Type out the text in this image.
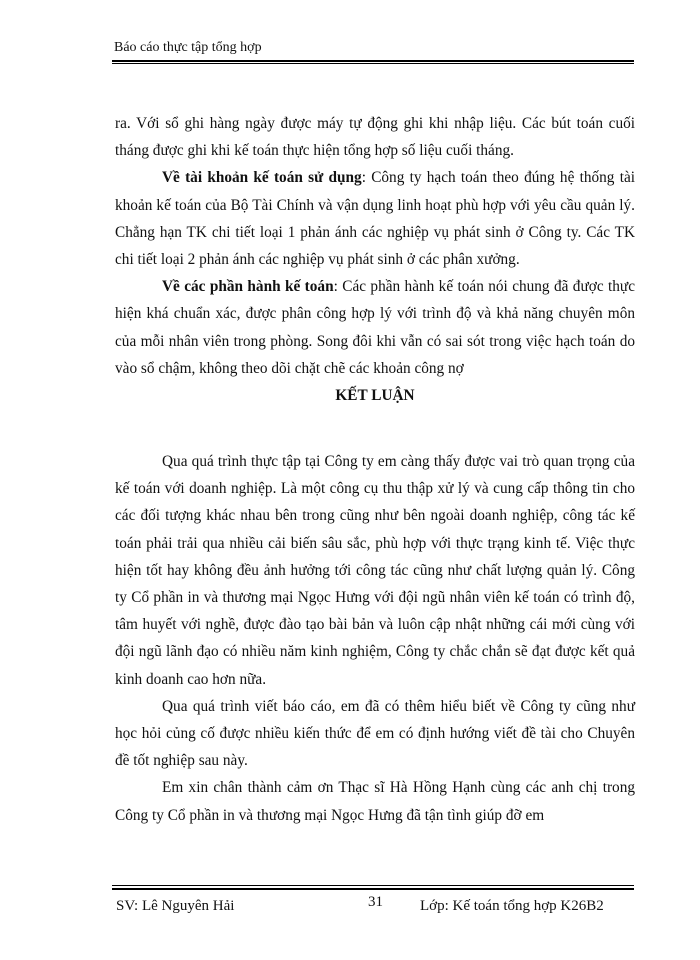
Báo cáo thực tập tổng hợp

ra. Với sổ ghi hàng ngày được máy tự động ghi khi nhập liệu. Các bút toán cuối tháng được ghi khi kế toán thực hiện tổng hợp số liệu cuối tháng.

Về tài khoản kế toán sử dụng: Công ty hạch toán theo đúng hệ thống tài khoản kế toán của Bộ Tài Chính và vận dụng linh hoạt phù hợp với yêu cầu quản lý. Chẳng hạn TK chi tiết loại 1 phản ánh các nghiệp vụ phát sinh ở Công ty. Các TK chi tiết loại 2 phản ánh các nghiệp vụ phát sinh ở các phân xưởng.

Về các phần hành kế toán: Các phần hành kế toán nói chung đã được thực hiện khá chuẩn xác, được phân công hợp lý với trình độ và khả năng chuyên môn của mỗi nhân viên trong phòng. Song đôi khi vẫn có sai sót trong việc hạch toán do vào sổ chậm, không theo dõi chặt chẽ các khoản công nợ

KẾT LUẬN

Qua quá trình thực tập tại Công ty em càng thấy được vai trò quan trọng của kế toán với doanh nghiệp. Là một công cụ thu thập xử lý và cung cấp thông tin cho các đối tượng khác nhau bên trong cũng như bên ngoài doanh nghiệp, công tác kế toán phải trải qua nhiều cải biến sâu sắc, phù hợp với thực trạng kinh tế. Việc thực hiện tốt hay không đều ảnh hưởng tới công tác cũng như chất lượng quản lý. Công ty Cổ phần in và thương mại Ngọc Hưng với đội ngũ nhân viên kế toán có trình độ, tâm huyết với nghề, được đào tạo bài bản và luôn cập nhật những cái mới cùng với đội ngũ lãnh đạo có nhiều năm kinh nghiệm, Công ty chắc chắn sẽ đạt được kết quả kinh doanh cao hơn nữa.

Qua quá trình viết báo cáo, em đã có thêm hiểu biết về Công ty cũng như học hỏi củng cố được nhiều kiến thức để em có định hướng viết đề tài cho Chuyên đề tốt nghiệp sau này.

Em xin chân thành cảm ơn Thạc sĩ Hà Hồng Hạnh cùng các anh chị trong Công ty Cổ phần in và thương mại Ngọc Hưng đã tận tình giúp đỡ em

SV: Lê Nguyên Hải	31 Lớp: Kế toán tổng hợp K26B2
